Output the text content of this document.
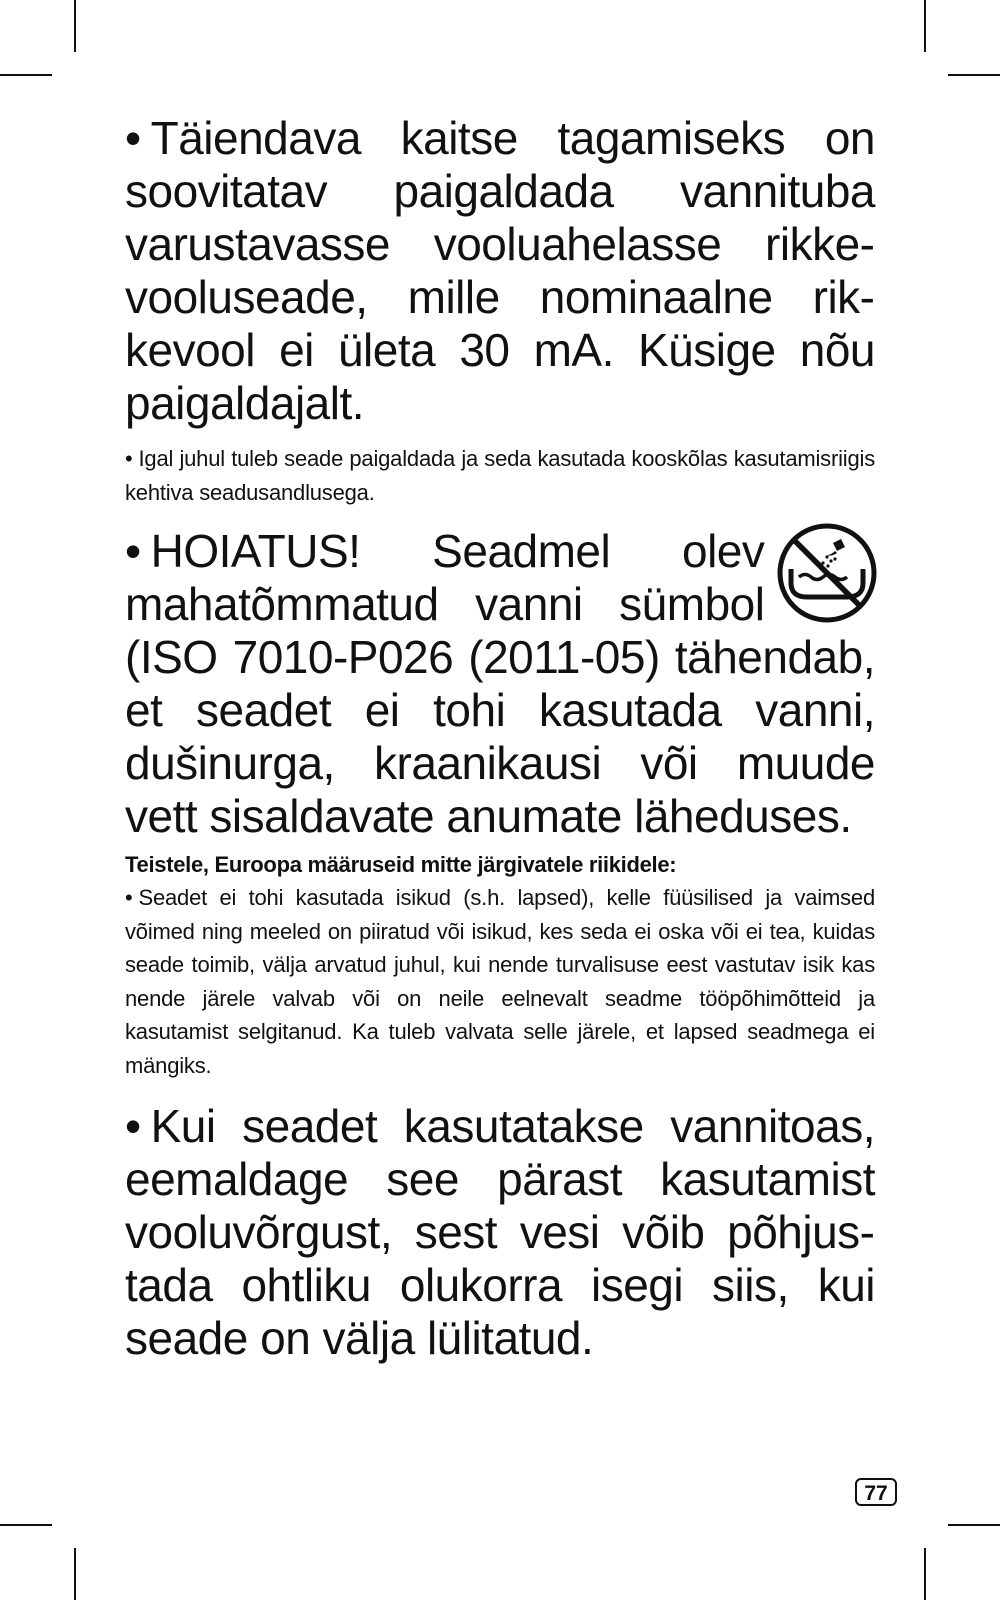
• Täiendava kaitse tagamiseks on soovitatav paigaldada vannituba varustavasse vooluahelasse rikkevooluseade, mille nominaalne rikkevool ei ületa 30 mA. Küsige nõu paigaldajalt.

• Igal juhul tuleb seade paigaldada ja seda kasutada kooskõlas kasutamisriigis kehtiva seadusandlusega.

• HOIATUS! Seadmel olev mahatõmmatud vanni sümbol (ISO 7010-P026 (2011-05) tähendab, et seadet ei tohi kasutada vanni, dušinurga, kraanikausi või muude vett sisaldavate anumate läheduses.

Teistele, Euroopa määruseid mitte järgivatele riikidele:

• Seadet ei tohi kasutada isikud (s.h. lapsed), kelle füüsilised ja vaimsed võimed ning meeled on piiratud või isikud, kes seda ei oska või ei tea, kuidas seade toimib, välja arvatud juhul, kui nende turvalisuse eest vastutav isik kas nende järele valvab või on neile eelnevalt seadme tööpõhimõtteid ja kasutamist selgitanud. Ka tuleb valvata selle järele, et lapsed seadmega ei mängiks.

• Kui seadet kasutatakse vannitoas, eemaldage see pärast kasutamist vooluvõrgust, sest vesi võib põhjustada ohtliku olukorra isegi siis, kui seade on välja lülitatud.

77
